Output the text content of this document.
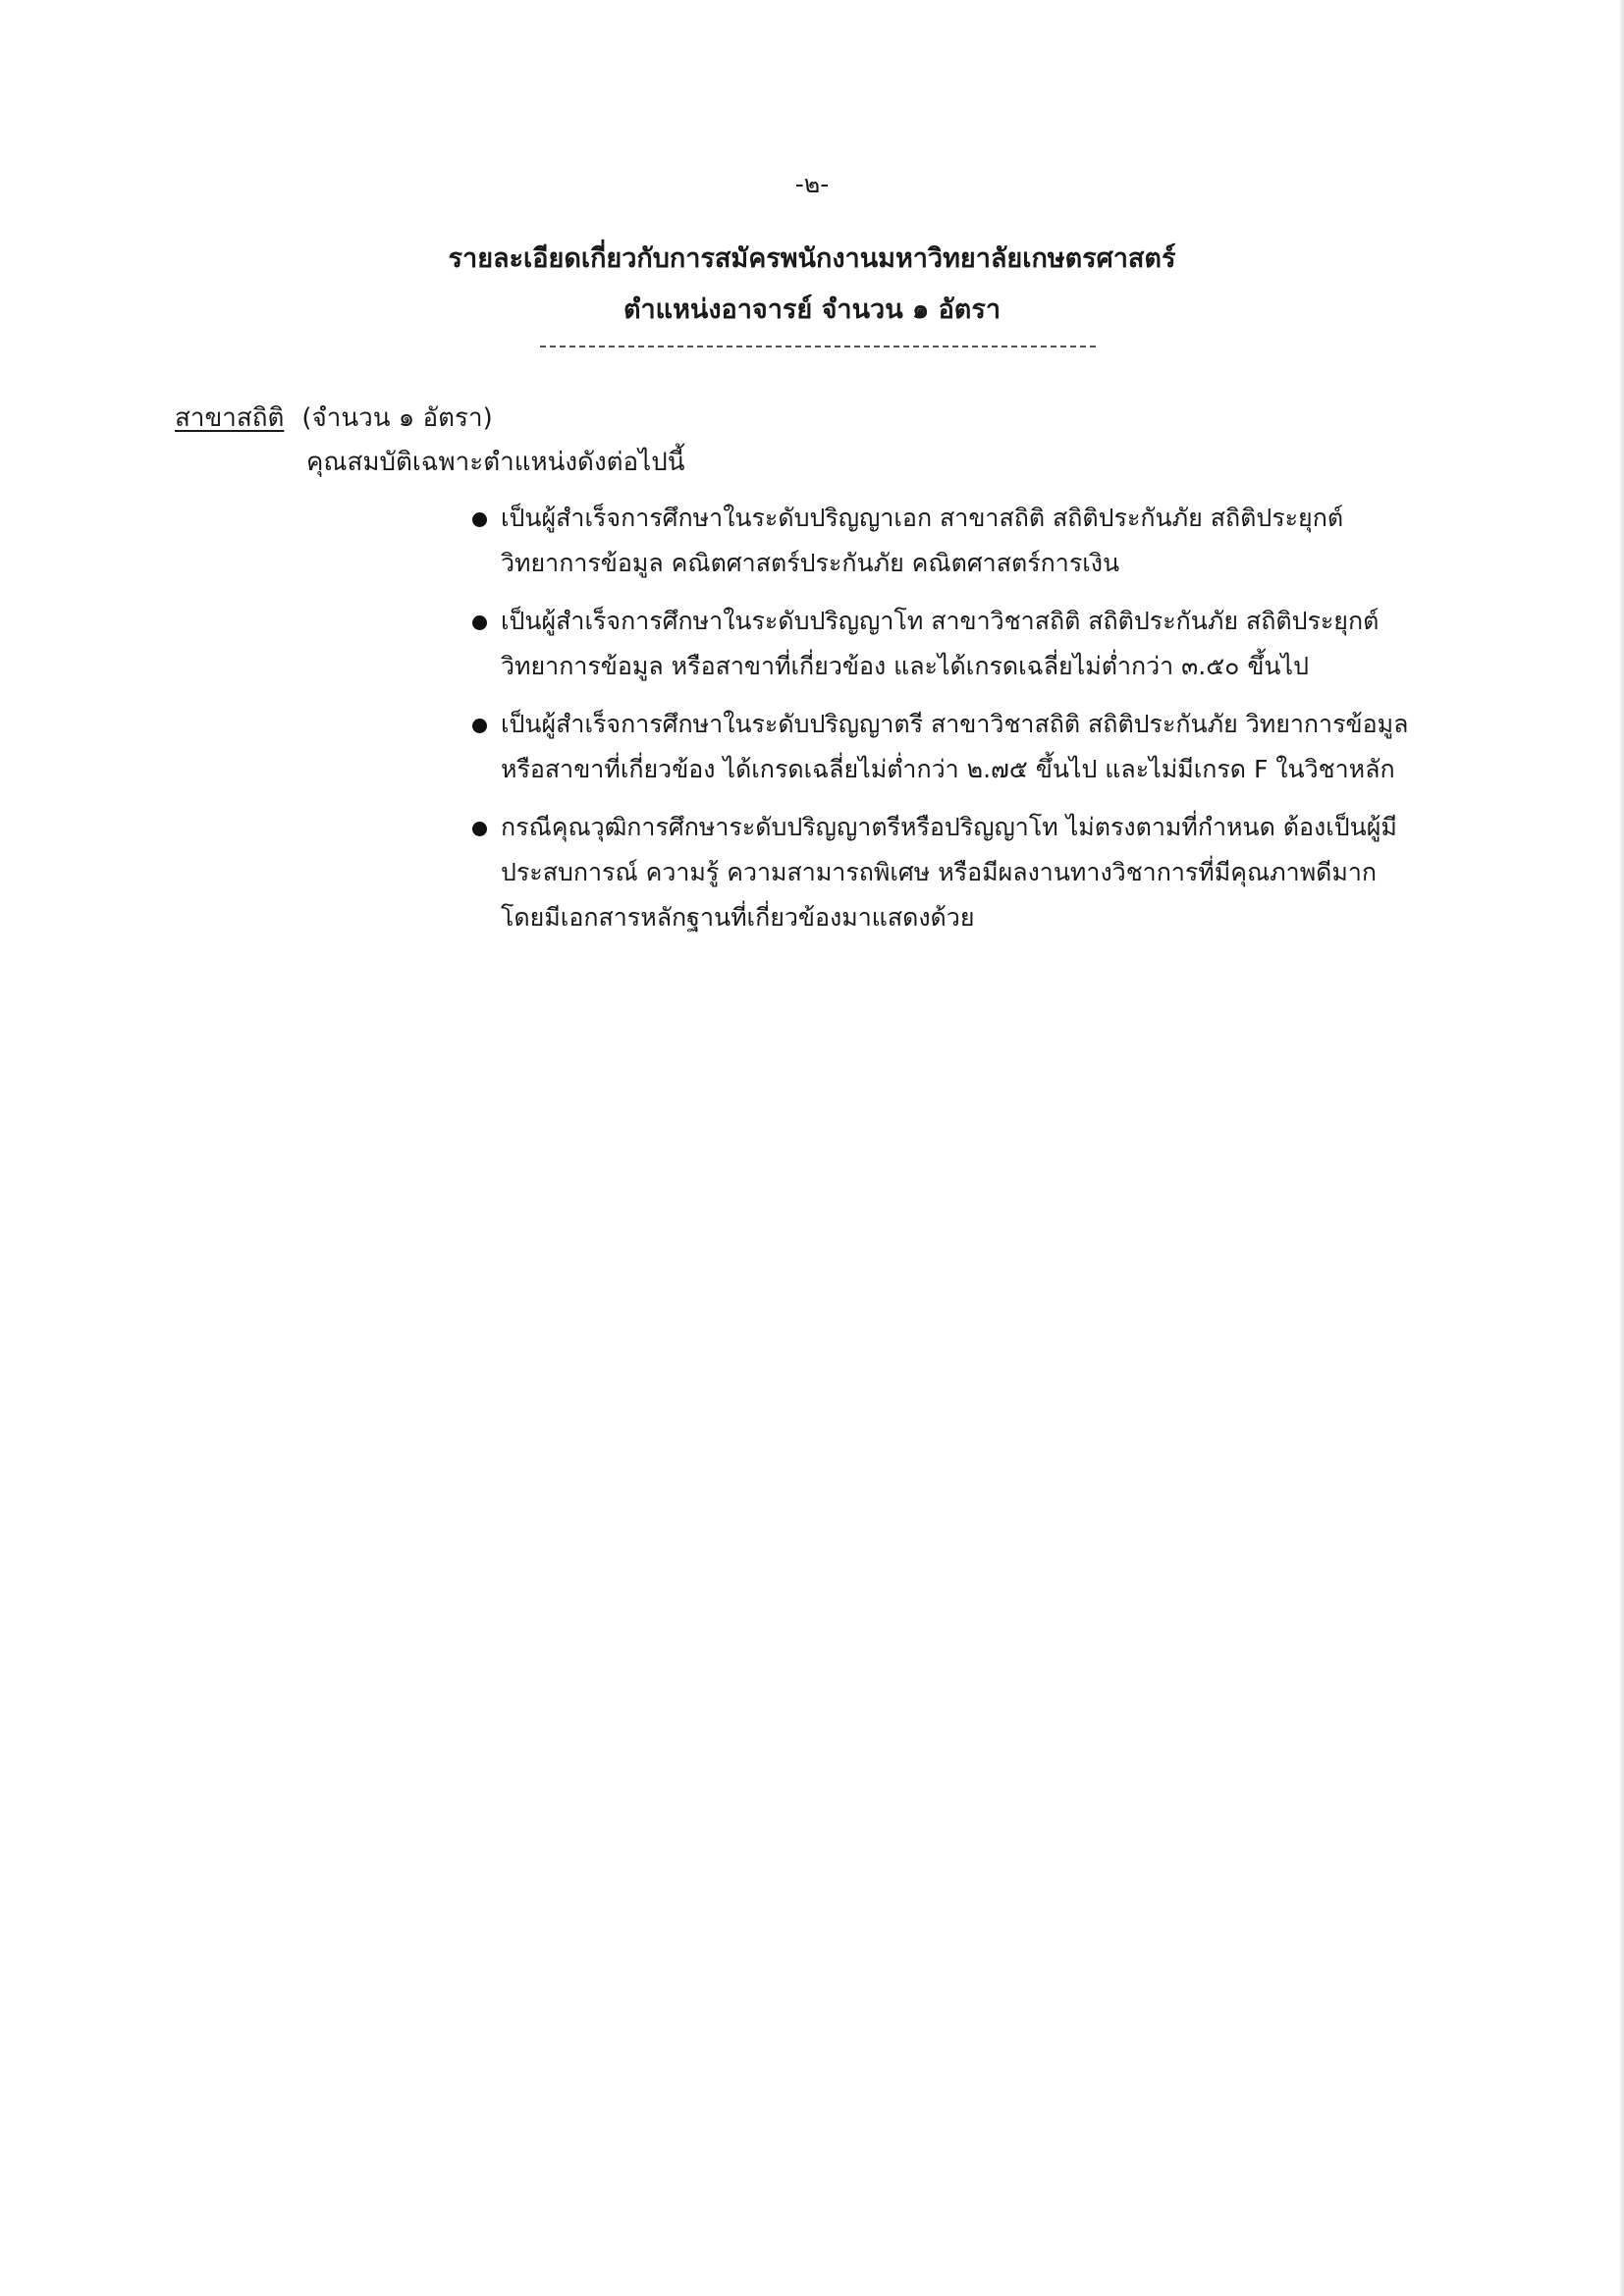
-๒-
รายละเอียดเกี่ยวกับการสมัครพนักงานมหาวิทยาลัยเกษตรศาสตร์
ตำแหน่งอาจารย์ จำนวน ๑ อัตรา
สาขาสถิติ (จำนวน ๑ อัตรา)
คุณสมบัติเฉพาะตำแหน่งดังต่อไปนี้
เป็นผู้สำเร็จการศึกษาในระดับปริญญาเอก สาขาสถิติ สถิติประกันภัย สถิติประยุกต์
วิทยาการข้อมูล คณิตศาสตร์ประกันภัย คณิตศาสตร์การเงิน
เป็นผู้สำเร็จการศึกษาในระดับปริญญาโท สาขาวิชาสถิติ สถิติประกันภัย สถิติประยุกต์
วิทยาการข้อมูล หรือสาขาที่เกี่ยวข้อง และได้เกรดเฉลี่ยไม่ต่ำกว่า ๓.๕๐ ขึ้นไป
เป็นผู้สำเร็จการศึกษาในระดับปริญญาตรี สาขาวิชาสถิติ สถิติประกันภัย วิทยาการข้อมูล
หรือสาขาที่เกี่ยวข้อง ได้เกรดเฉลี่ยไม่ต่ำกว่า ๒.๗๕ ขึ้นไป และไม่มีเกรด F ในวิชาหลัก
กรณีคุณวุฒิการศึกษาระดับปริญญาตรีหรือปริญญาโท ไม่ตรงตามที่กำหนด ต้องเป็นผู้มี
ประสบการณ์ ความรู้ ความสามารถพิเศษ หรือมีผลงานทางวิชาการที่มีคุณภาพดีมาก
โดยมีเอกสารหลักฐานที่เกี่ยวข้องมาแสดงด้วย
